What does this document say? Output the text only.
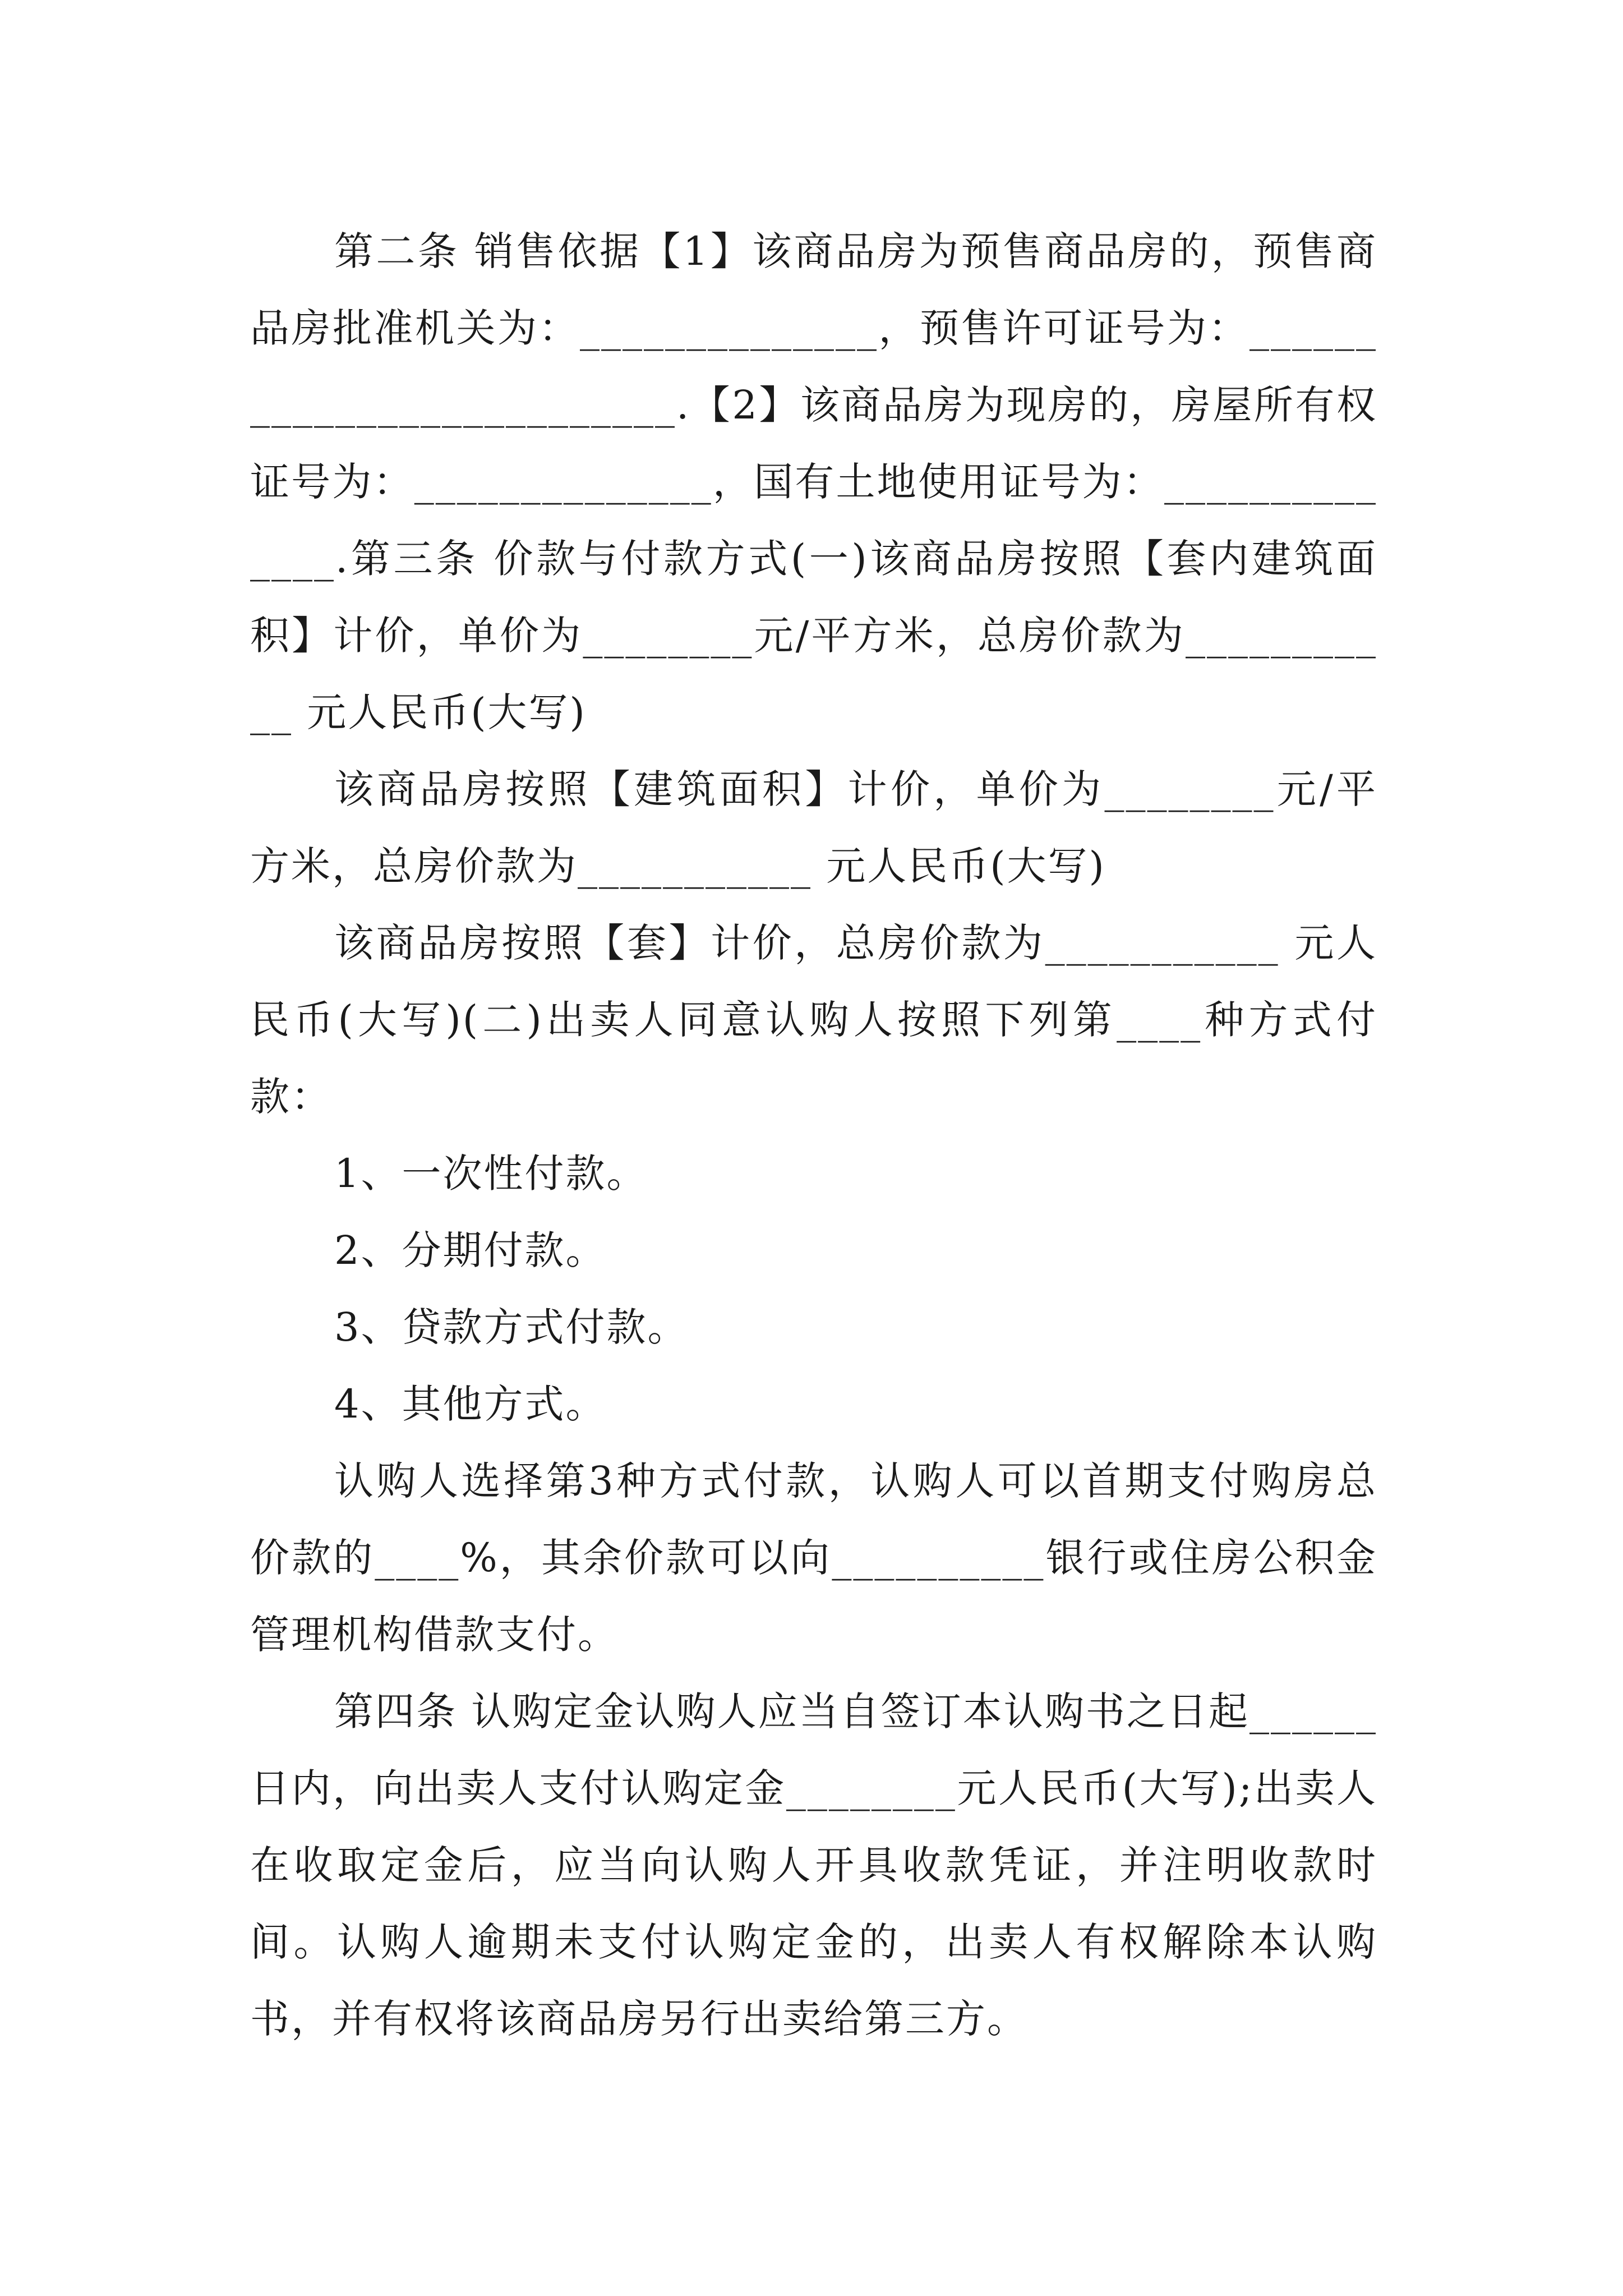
第二条 销售依据【1】该商品房为预售商品房的，预售商品房批准机关为：______________，预售许可证号为：__________________________.【2】该商品房为现房的，房屋所有权证号为：______________，国有土地使用证号为：______________.第三条 价款与付款方式(一)该商品房按照【套内建筑面积】计价，单价为________元/平方米，总房价款为___________ 元人民币(大写)

该商品房按照【建筑面积】计价，单价为________元/平方米，总房价款为___________ 元人民币(大写)

该商品房按照【套】计价，总房价款为___________ 元人民币(大写)(二)出卖人同意认购人按照下列第____种方式付款：

1、一次性付款。

2、分期付款。

3、贷款方式付款。

4、其他方式。

认购人选择第3种方式付款，认购人可以首期支付购房总价款的____%，其余价款可以向__________银行或住房公积金管理机构借款支付。

第四条 认购定金认购人应当自签订本认购书之日起______日内，向出卖人支付认购定金________元人民币(大写);出卖人在收取定金后，应当向认购人开具收款凭证，并注明收款时间。认购人逾期未支付认购定金的，出卖人有权解除本认购书，并有权将该商品房另行出卖给第三方。
